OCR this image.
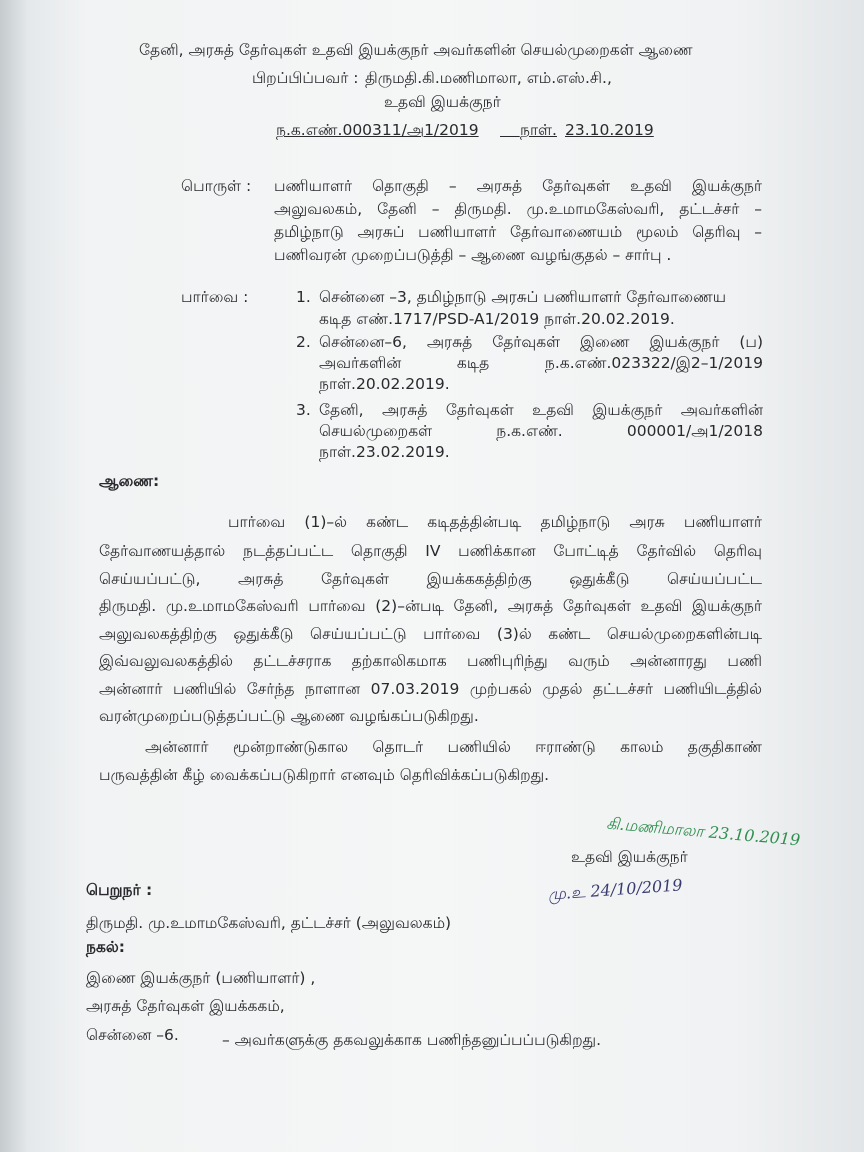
தேனி, அரசுத் தேர்வுகள் உதவி இயக்குநர் அவர்களின் செயல்முறைகள் ஆணை
பிறப்பிப்பவர் : திருமதி.கி.மணிமாலா, எம்.எஸ்.சி.,
உதவி இயக்குநர்
ந.க.எண்.000311/அ1/2019
	நாள். 23.10.2019
பொருள் : பணியாளர் தொகுதி – அரசுத் தேர்வுகள் உதவி இயக்குநர்
அலுவலகம், தேனி – திருமதி. மு.உமாமகேஸ்வரி, தட்டச்சர் –
தமிழ்நாடு அரசுப் பணியாளர் தேர்வாணையம் மூலம் தெரிவு –
பணிவரன் முறைப்படுத்தி – ஆணை வழங்குதல் – சார்பு .
பார்வை :	1. சென்னை –3, தமிழ்நாடு அரசுப் பணியாளர் தேர்வாணைய
கடித எண்.1717/PSD-A1/2019 நாள்.20.02.2019.
2. சென்னை–6, அரசுத் தேர்வுகள் இணை இயக்குநர் (ப)
அவர்களின் கடித ந.க.எண்.023322/இ2–1/2019
நாள்.20.02.2019.
3. தேனி, அரசுத் தேர்வுகள் உதவி இயக்குநர் அவர்களின்
செயல்முறைகள் ந.க.எண். 000001/அ1/2018
நாள்.23.02.2019.
ஆணை:
பார்வை (1)–ல் கண்ட கடிதத்தின்படி தமிழ்நாடு அரசு பணியாளர்
தேர்வாணயத்தால் நடத்தப்பட்ட தொகுதி IV பணிக்கான போட்டித் தேர்வில் தெரிவு
செய்யப்பட்டு, அரசுத் தேர்வுகள் இயக்ககத்திற்கு ஒதுக்கீடு செய்யப்பட்ட
திருமதி. மு.உமாமகேஸ்வரி பார்வை (2)–ன்படி தேனி, அரசுத் தேர்வுகள் உதவி இயக்குநர்
அலுவலகத்திற்கு ஒதுக்கீடு செய்யப்பட்டு பார்வை (3)ல் கண்ட செயல்முறைகளின்படி
இவ்வலுவலகத்தில் தட்டச்சராக தற்காலிகமாக பணிபுரிந்து வரும் அன்னாரது பணி
அன்னார் பணியில் சேர்ந்த நாளான 07.03.2019 முற்பகல் முதல் தட்டச்சர் பணியிடத்தில்
வரன்முறைப்படுத்தப்பட்டு ஆணை வழங்கப்படுகிறது.
அன்னார் மூன்றாண்டுகால தொடர் பணியில் ஈராண்டு காலம் தகுதிகாண்
பருவத்தின் கீழ் வைக்கப்படுகிறார் எனவும் தெரிவிக்கப்படுகிறது.
கி.மணிமாலா 23.10.2019
உதவி இயக்குநர்
பெறுநர் :	மு.உ 24/10/2019
திருமதி. மு.உமாமகேஸ்வரி, தட்டச்சர் (அலுவலகம்)
நகல்:
இணை இயக்குநர் (பணியாளர்) ,
அரசுத் தேர்வுகள் இயக்ககம்,
சென்னை –6.	– அவர்களுக்கு தகவலுக்காக பணிந்தனுப்பப்படுகிறது.
